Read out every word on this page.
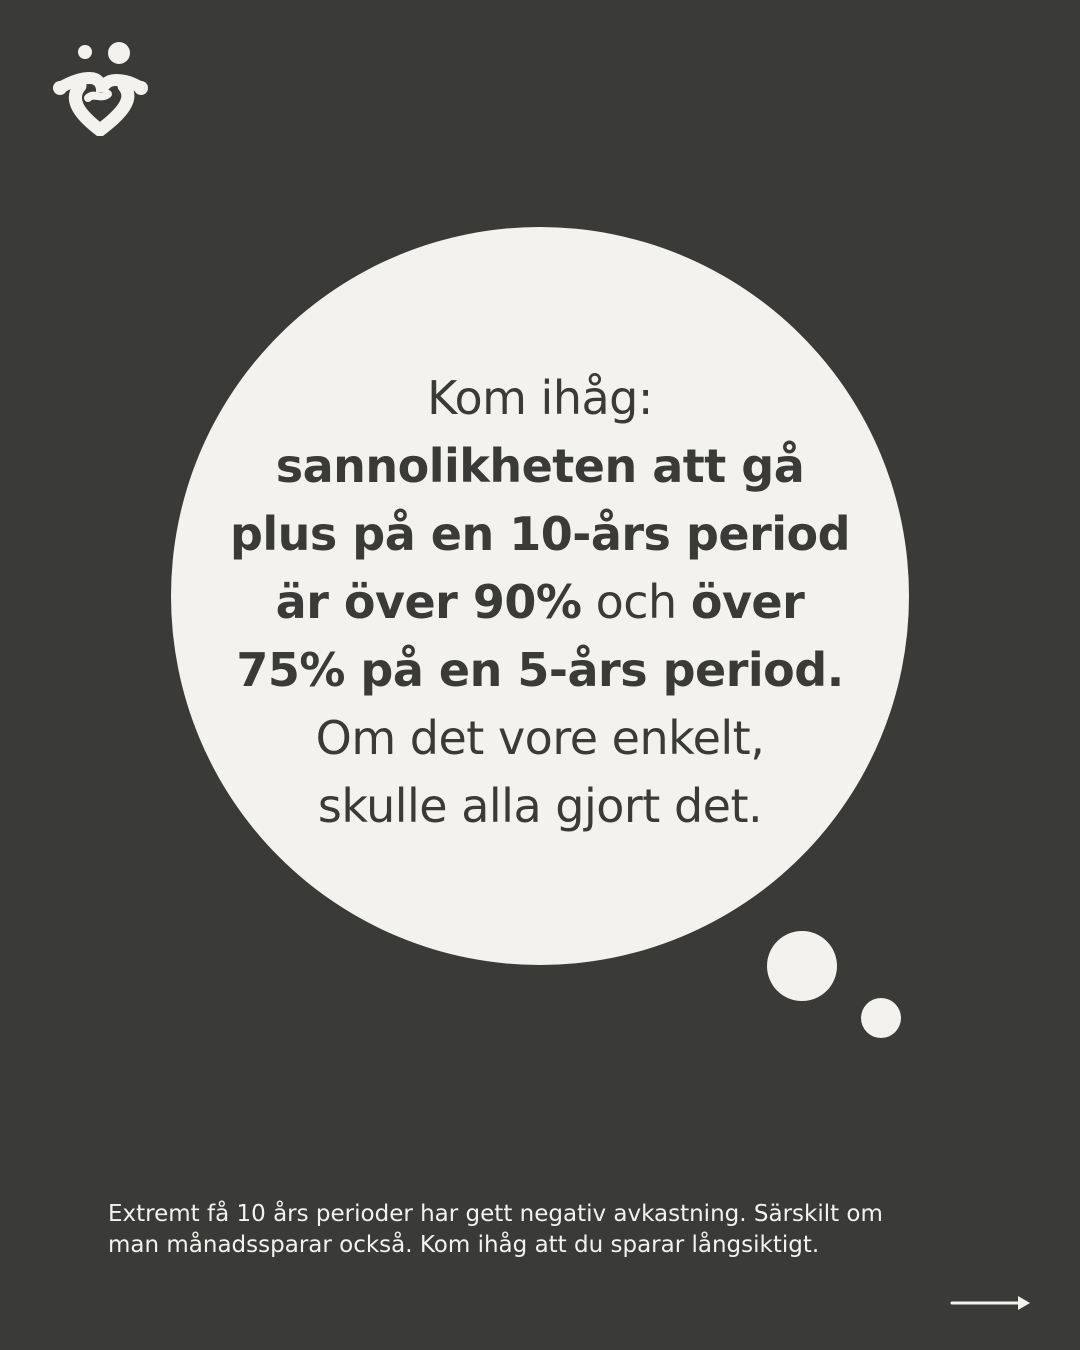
Kom ihåg:
sannolikheten att gå
plus på en 10-års period
är över 90% och över
75% på en 5-års period.
Om det vore enkelt,
skulle alla gjort det.
Extremt få 10 års perioder har gett negativ avkastning. Särskilt om
man månadssparar också. Kom ihåg att du sparar långsiktigt.
